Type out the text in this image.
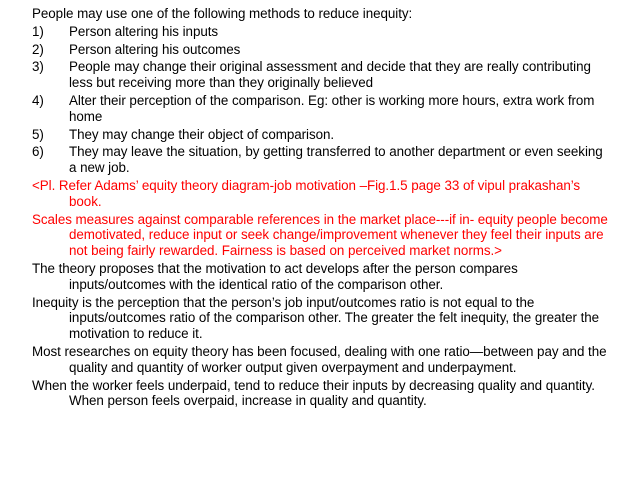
People may use one of the following methods to reduce inequity:
1)	Person altering his inputs
2)	Person altering his outcomes
3)	People may change their original assessment and decide that they are really contributing less but receiving more than they originally believed
4)	Alter their perception of the comparison. Eg: other is working more hours, extra work from home
5)	They may change their object of comparison.
6)	They may leave the situation, by getting transferred to another department or even seeking a new job.
<Pl. Refer Adams’ equity theory diagram-job motivation –Fig.1.5 page 33 of vipul prakashan’s book.
Scales measures against comparable references in the market place---if in- equity people become demotivated, reduce input or seek change/improvement whenever they feel their inputs are not being fairly rewarded. Fairness is based on perceived market norms.>
The theory proposes that the motivation to act develops after the person compares inputs/outcomes with the identical ratio of the comparison other.
Inequity is the perception that the person’s job input/outcomes ratio is not equal to the inputs/outcomes ratio of the comparison other. The greater the felt inequity, the greater the motivation to reduce it.
Most researches on equity theory has been focused, dealing with one ratio—between pay and the quality and quantity of worker output given overpayment and underpayment.
When the worker feels underpaid, tend to reduce their inputs by decreasing quality and quantity. When person feels overpaid, increase in quality and quantity.
